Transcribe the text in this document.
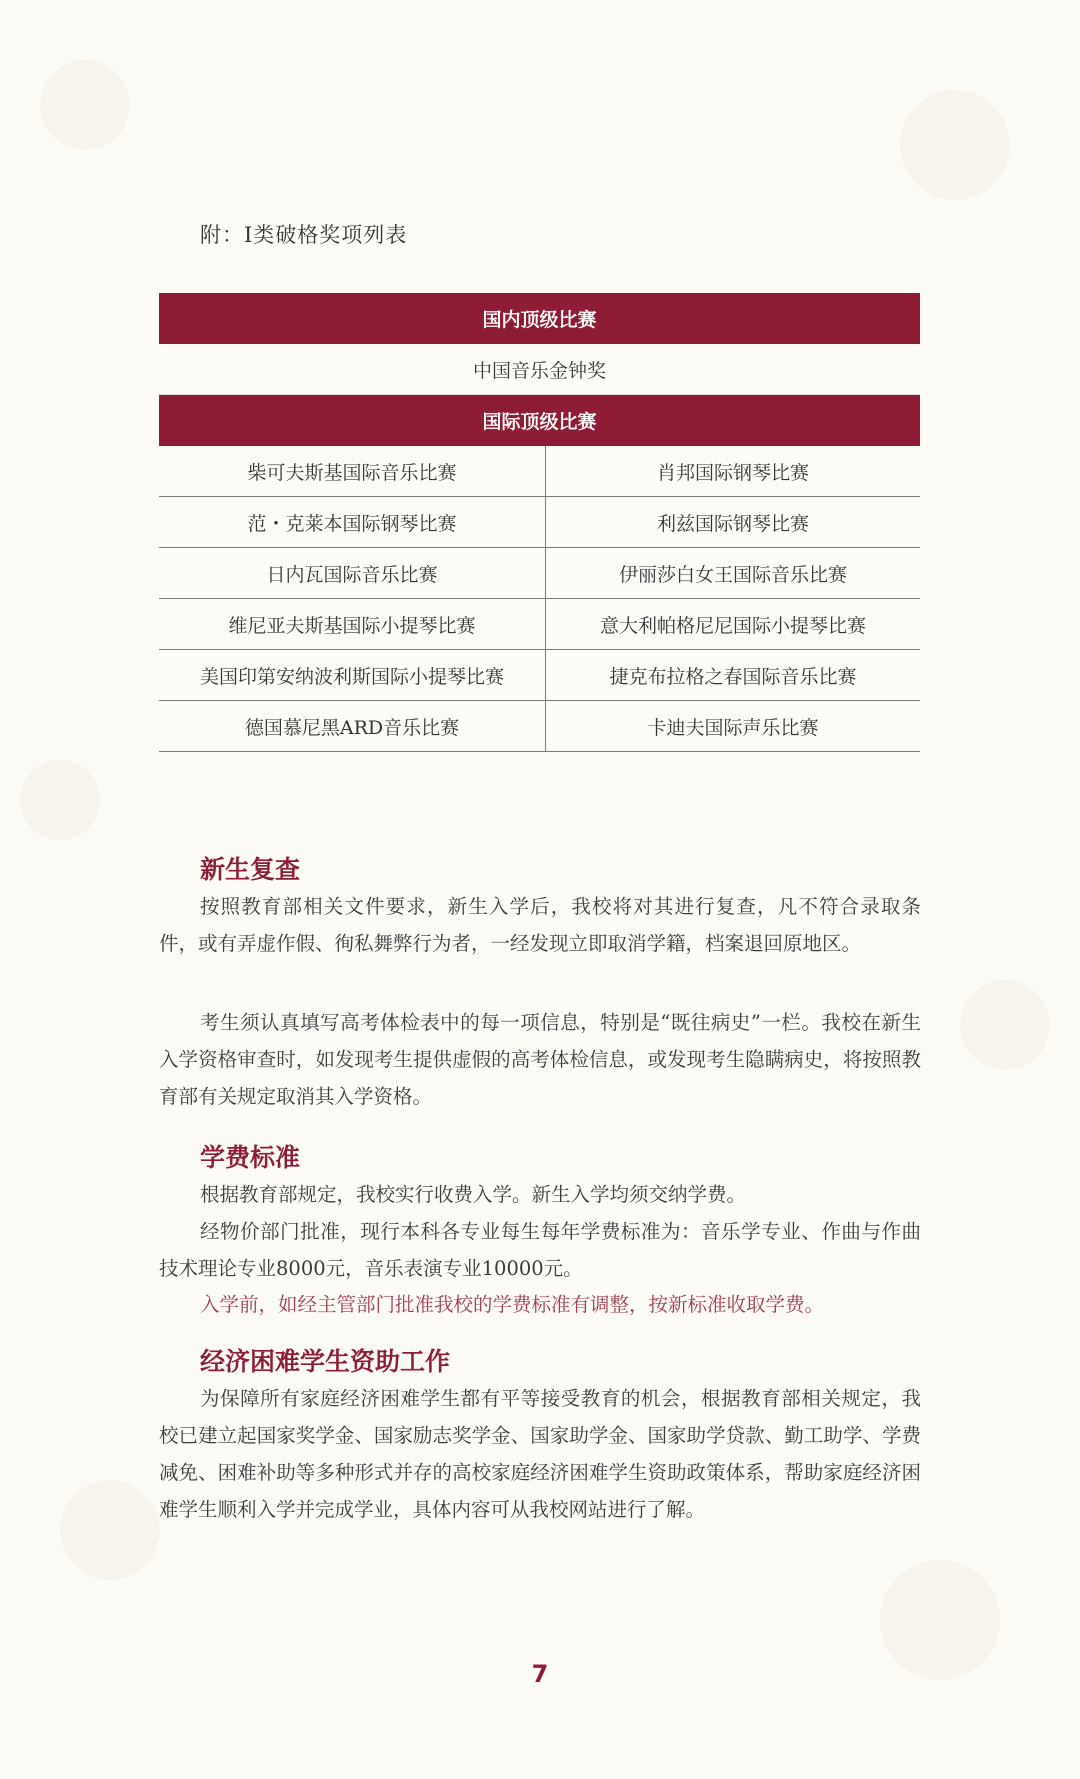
附：Ⅰ类破格奖项列表
国内顶级比赛
中国音乐金钟奖
国际顶级比赛
柴可夫斯基国际音乐比赛	肖邦国际钢琴比赛
范・克莱本国际钢琴比赛	利兹国际钢琴比赛
日内瓦国际音乐比赛	伊丽莎白女王国际音乐比赛
维尼亚夫斯基国际小提琴比赛	意大利帕格尼尼国际小提琴比赛
美国印第安纳波利斯国际小提琴比赛	捷克布拉格之春国际音乐比赛
德国慕尼黑ARD音乐比赛	卡迪夫国际声乐比赛
新生复查

按照教育部相关文件要求，新生入学后，我校将对其进行复查，凡不符合录取条件，或有弄虚作假、徇私舞弊行为者，一经发现立即取消学籍，档案退回原地区。

考生须认真填写高考体检表中的每一项信息，特别是“既往病史”一栏。我校在新生入学资格审查时，如发现考生提供虚假的高考体检信息，或发现考生隐瞒病史，将按照教育部有关规定取消其入学资格。

学费标准

根据教育部规定，我校实行收费入学。新生入学均须交纳学费。

经物价部门批准，现行本科各专业每生每年学费标准为：音乐学专业、作曲与作曲技术理论专业8000元，音乐表演专业10000元。

入学前，如经主管部门批准我校的学费标准有调整，按新标准收取学费。

经济困难学生资助工作

为保障所有家庭经济困难学生都有平等接受教育的机会，根据教育部相关规定，我校已建立起国家奖学金、国家励志奖学金、国家助学金、国家助学贷款、勤工助学、学费减免、困难补助等多种形式并存的高校家庭经济困难学生资助政策体系，帮助家庭经济困难学生顺利入学并完成学业，具体内容可从我校网站进行了解。

7
